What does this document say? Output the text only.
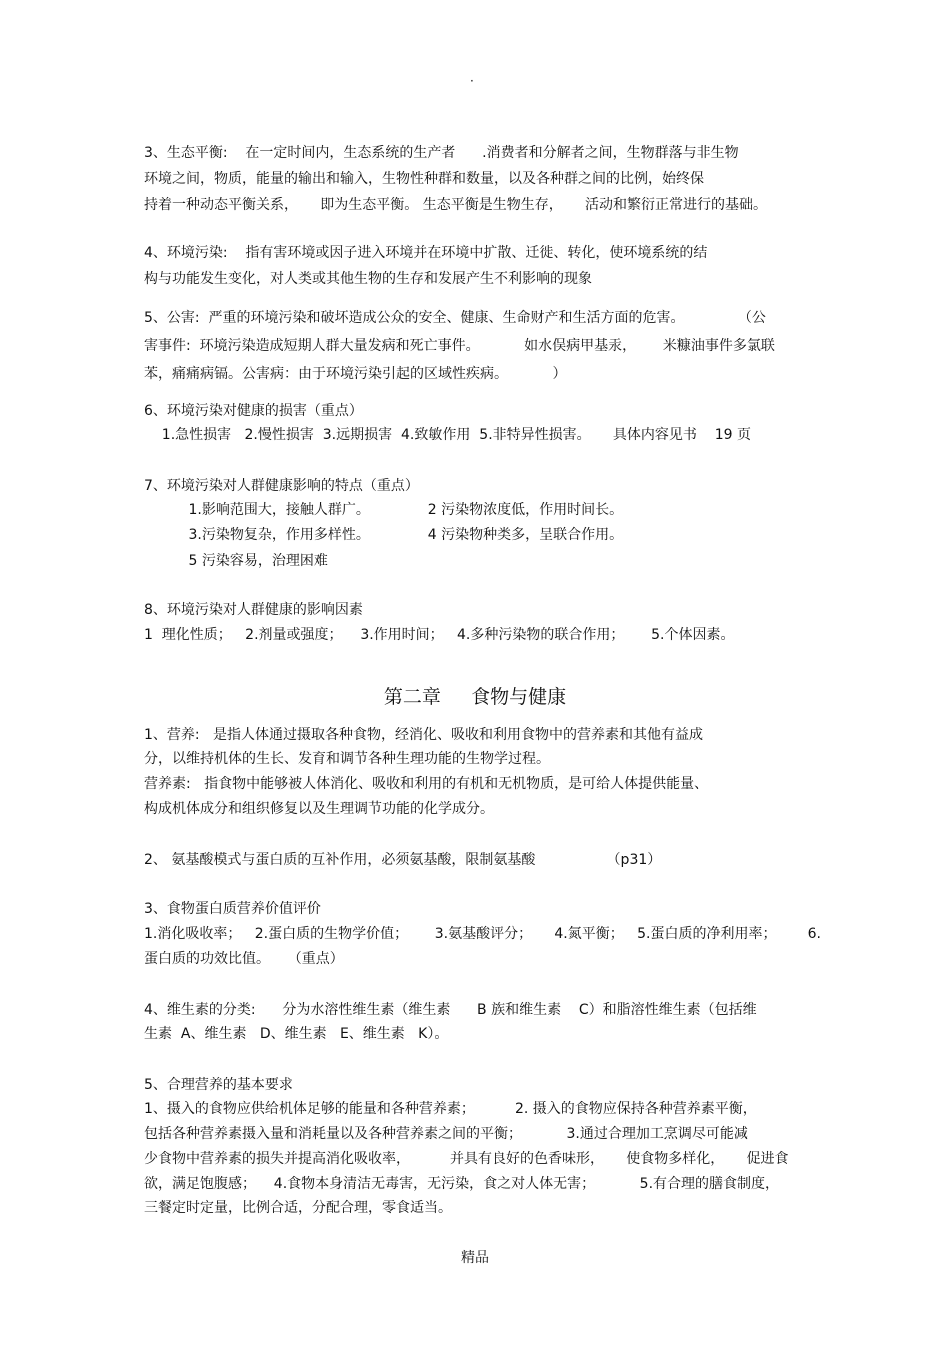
·
3、生态平衡:    在一定时间内，生态系统的生产者      .消费者和分解者之间，生物群落与非生物
环境之间，物质，能量的输出和输入，生物性种群和数量，以及各种群之间的比例，始终保
持着一种动态平衡关系，     即为生态平衡。 生态平衡是生物生存，     活动和繁衍正常进行的基础。
4、环境污染:    指有害环境或因子进入环境并在环境中扩散、迁徙、转化，使环境系统的结
构与功能发生变化，对人类或其他生物的生存和发展产生不利影响的现象
5、公害:  严重的环境污染和破坏造成公众的安全、健康、生命财产和生活方面的危害。            （公
害事件:  环境污染造成短期人群大量发病和死亡事件。          如水俣病甲基汞，      米糠油事件多氯联
苯，痛痛病镉。公害病：由于环境污染引起的区域性疾病。          ）
6、环境污染对健康的损害（重点）
1.急性损害   2.慢性损害  3.远期损害  4.致敏作用  5.非特异性损害。     具体内容见书    19 页
7、环境污染对人群健康影响的特点（重点）
1.影响范围大，接触人群广。             2 污染物浓度低，作用时间长。
3.污染物复杂，作用多样性。             4 污染物种类多，呈联合作用。
5 污染容易，治理困难
8、环境污染对人群健康的影响因素
1  理化性质；   2.剂量或强度；    3.作用时间；   4.多种污染物的联合作用；      5.个体因素。
第二章     食物与健康
1、营养:   是指人体通过摄取各种食物，经消化、吸收和利用食物中的营养素和其他有益成
分，以维持机体的生长、发育和调节各种生理功能的生物学过程。
营养素:   指食物中能够被人体消化、吸收和利用的有机和无机物质，是可给人体提供能量、
构成机体成分和组织修复以及生理调节功能的化学成分。
2、 氨基酸模式与蛋白质的互补作用，必须氨基酸，限制氨基酸                （p31）
3、食物蛋白质营养价值评价
1.消化吸收率；   2.蛋白质的生物学价值；      3.氨基酸评分；     4.氮平衡；   5.蛋白质的净利用率；       6.
蛋白质的功效比值。    （重点）
4、维生素的分类:      分为水溶性维生素（维生素      B 族和维生素    C）和脂溶性维生素（包括维
生素  A、维生素   D、维生素   E、维生素   K）。
5、合理营养的基本要求
1、摄入的食物应供给机体足够的能量和各种营养素；         2. 摄入的食物应保持各种营养素平衡，
包括各种营养素摄入量和消耗量以及各种营养素之间的平衡；          3.通过合理加工烹调尽可能减
少食物中营养素的损失并提高消化吸收率，         并具有良好的色香味形，     使食物多样化，     促进食
欲，满足饱腹感；    4.食物本身清洁无毒害，无污染，食之对人体无害；          5.有合理的膳食制度，
三餐定时定量，比例合适，分配合理，零食适当。
精品
